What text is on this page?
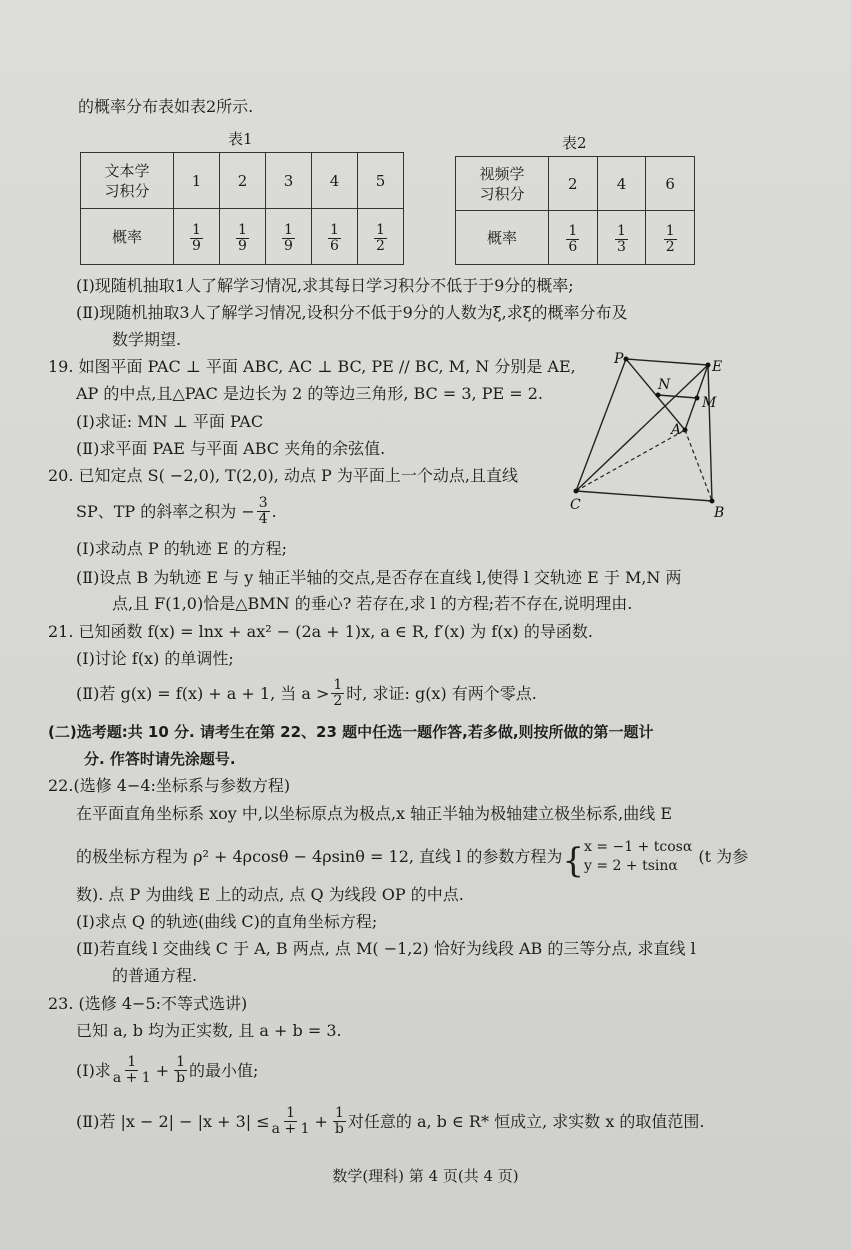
的概率分布表如表2所示.
表1
文本学
习积分	1	2	3	4	5
概率	$\frac{1}{9}$	$\frac{1}{9}$	$\frac{1}{9}$	$\frac{1}{6}$	$\frac{1}{2}$
表2
视频学
习积分	2	4	6
概率	$\frac{1}{6}$	$\frac{1}{3}$	$\frac{1}{2}$
(Ⅰ)现随机抽取1人了解学习情况,求其每日学习积分不低于于9分的概率;
(Ⅱ)现随机抽取3人了解学习情况,设积分不低于9分的人数为ξ,求ξ的概率分布及
数学期望.
19. 如图平面 PAC ⊥ 平面 ABC, AC ⊥ BC, PE // BC, M, N 分别是 AE,
AP 的中点,且△PAC 是边长为 2 的等边三角形, BC = 3, PE = 2.
(Ⅰ)求证: MN ⊥ 平面 PAC
(Ⅱ)求平面 PAE 与平面 ABC 夹角的余弦值.
P	E
N
M
A
C	B
20. 已知定点 S( −2,0), T(2,0), 动点 P 为平面上一个动点,且直线
SP、TP 的斜率之积为 − $\frac{3}{4}$ .
(Ⅰ)求动点 P 的轨迹 E 的方程;
(Ⅱ)设点 B 为轨迹 E 与 y 轴正半轴的交点,是否存在直线 l,使得 l 交轨迹 E 于 M,N 两
点,且 F(1,0)恰是△BMN 的垂心? 若存在,求 l 的方程;若不存在,说明理由.
21. 已知函数 f(x) = lnx + ax² − (2a + 1)x, a ∈ R, f′(x) 为 f(x) 的导函数.
(Ⅰ)讨论 f(x) 的单调性;
(Ⅱ)若 g(x) = f(x) + a + 1, 当 $a > \frac{1}{2}$ 时, 求证: g(x) 有两个零点.
(二)选考题:共 10 分. 请考生在第 22、23 题中任选一题作答,若多做,则按所做的第一题计
分. 作答时请先涂题号.
22.(选修 4−4:坐标系与参数方程)
在平面直角坐标系 xoy 中,以坐标原点为极点,x 轴正半轴为极轴建立极坐标系,曲线 E
的极坐标方程为 ρ² + 4ρcosθ − 4ρsinθ = 12, 直线 l 的参数方程为 { x = −1 + tcosα
y = 2 + tsinα	(t 为参
数). 点 P 为曲线 E 上的动点, 点 Q 为线段 OP 的中点.
(Ⅰ)求点 Q 的轨迹(曲线 C)的直角坐标方程;
(Ⅱ)若直线 l 交曲线 C 于 A, B 两点, 点 M( −1,2) 恰好为线段 AB 的三等分点, 求直线 l
的普通方程.
23. (选修 4−5:不等式选讲)
已知 a, b 均为正实数, 且 a + b = 3.
(Ⅰ)求 $\frac{1}{a + 1} + \frac{1}{b}$ 的最小值;
(Ⅱ)若 $|x - 2| - |x + 3| \le \frac{1}{a + 1} + \frac{1}{b}$ 对任意的 a, b ∈ R* 恒成立, 求实数 x 的取值范围.
数学(理科) 第 4 页(共 4 页)
